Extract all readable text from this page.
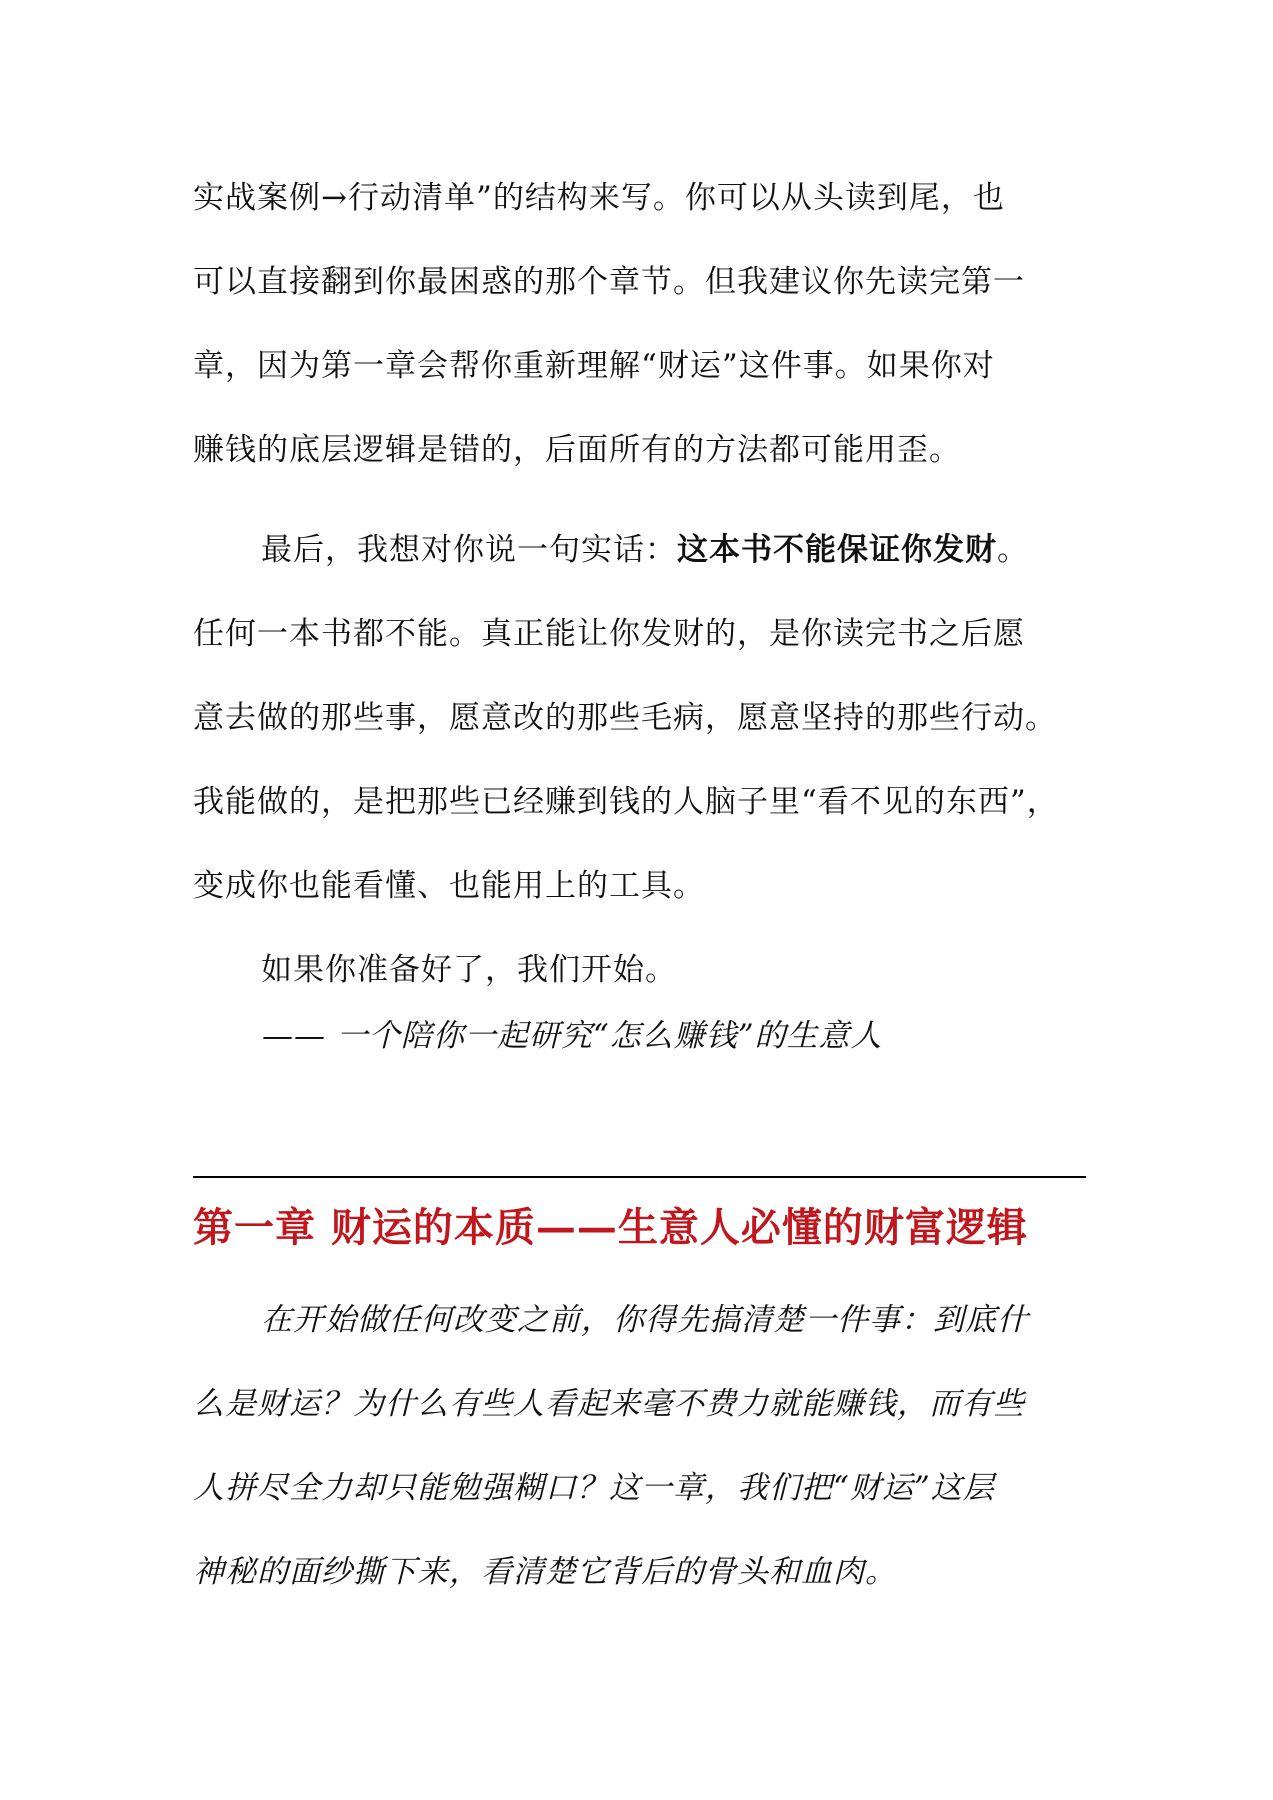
实战案例→行动清单”的结构来写。你可以从头读到尾，也
可以直接翻到你最困惑的那个章节。但我建议你先读完第一
章，因为第一章会帮你重新理解“财运”这件事。如果你对
赚钱的底层逻辑是错的，后面所有的方法都可能用歪。
最后，我想对你说一句实话：这本书不能保证你发财。
任何一本书都不能。真正能让你发财的，是你读完书之后愿
意去做的那些事，愿意改的那些毛病，愿意坚持的那些行动。
我能做的，是把那些已经赚到钱的人脑子里“看不见的东西”，
变成你也能看懂、也能用上的工具。
如果你准备好了，我们开始。
—— 一个陪你一起研究“怎么赚钱”的生意人
第一章 财运的本质——生意人必懂的财富逻辑
在开始做任何改变之前，你得先搞清楚一件事：到底什
么是财运？为什么有些人看起来毫不费力就能赚钱，而有些
人拼尽全力却只能勉强糊口？这一章，我们把“财运”这层
神秘的面纱撕下来，看清楚它背后的骨头和血肉。
